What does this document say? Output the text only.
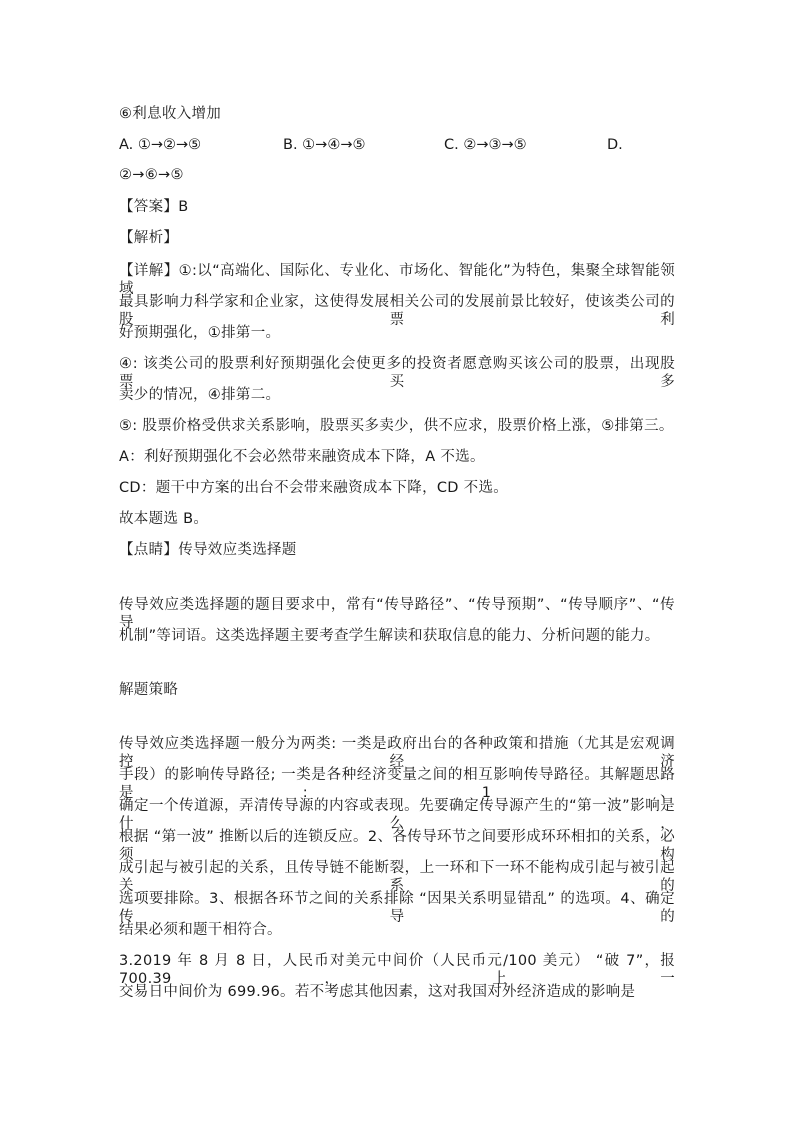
⑥利息收入增加
A. ①→②→⑤	B. ①→④→⑤	C. ②→③→⑤	D.
②→⑥→⑤
【答案】B
【解析】
【详解】①:以“高端化、国际化、专业化、市场化、智能化”为特色，集聚全球智能领域
最具影响力科学家和企业家，这使得发展相关公司的发展前景比较好，使该类公司的股票利
好预期强化，①排第一。
④: 该类公司的股票利好预期强化会使更多的投资者愿意购买该公司的股票，出现股票买多
卖少的情况，④排第二。
⑤: 股票价格受供求关系影响，股票买多卖少，供不应求，股票价格上涨，⑤排第三。
A：利好预期强化不会必然带来融资成本下降，A 不选。
CD：题干中方案的出台不会带来融资成本下降，CD 不选。
故本题选 B。
【点睛】传导效应类选择题
传导效应类选择题的题目要求中，常有“传导路径”、“传导预期”、“传导顺序”、“传导
机制”等词语。这类选择题主要考查学生解读和获取信息的能力、分析问题的能力。
解题策略
传导效应类选择题一般分为两类: 一类是政府出台的各种政策和措施（尤其是宏观调控经济
手段）的影响传导路径; 一类是各种经济变量之间的相互影响传导路径。其解题思路是: 1、
确定一个传道源，弄清传导源的内容或表现。先要确定传导源产生的“第一波”影响是什么，
根据 “第一波” 推断以后的连锁反应。2、各传导环节之间要形成环环相扣的关系，必须构
成引起与被引起的关系，且传导链不能断裂，上一环和下一环不能构成引起与被引起关系的
选项要排除。3、根据各环节之间的关系排除 “因果关系明显错乱” 的选项。4、确定传导的
结果必须和题干相符合。
3.2019 年 8 月 8 日，人民币对美元中间价（人民币元/100 美元） “破 7”，报 700.39，上一
交易日中间价为 699.96。若不考虑其他因素，这对我国对外经济造成的影响是
